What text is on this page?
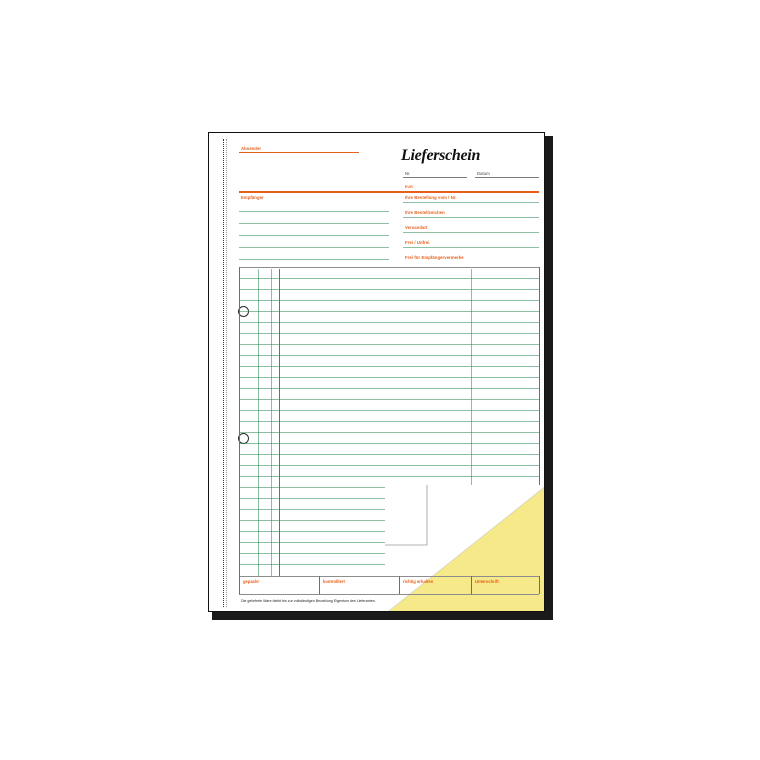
Absender	Lieferschein
Nr.	Datum
EUR
Empfänger	Ihre Bestellung vom / Nr.
Ihre Bestellzeichen
Versandart
Frei / Unfrei
Frei für Empfängervermerke
gepackt	kontrolliert	richtig erhalten	Unterschrift
Die gelieferte Ware bleibt bis zur vollständigen Bezahlung Eigentum des Lieferanten.
